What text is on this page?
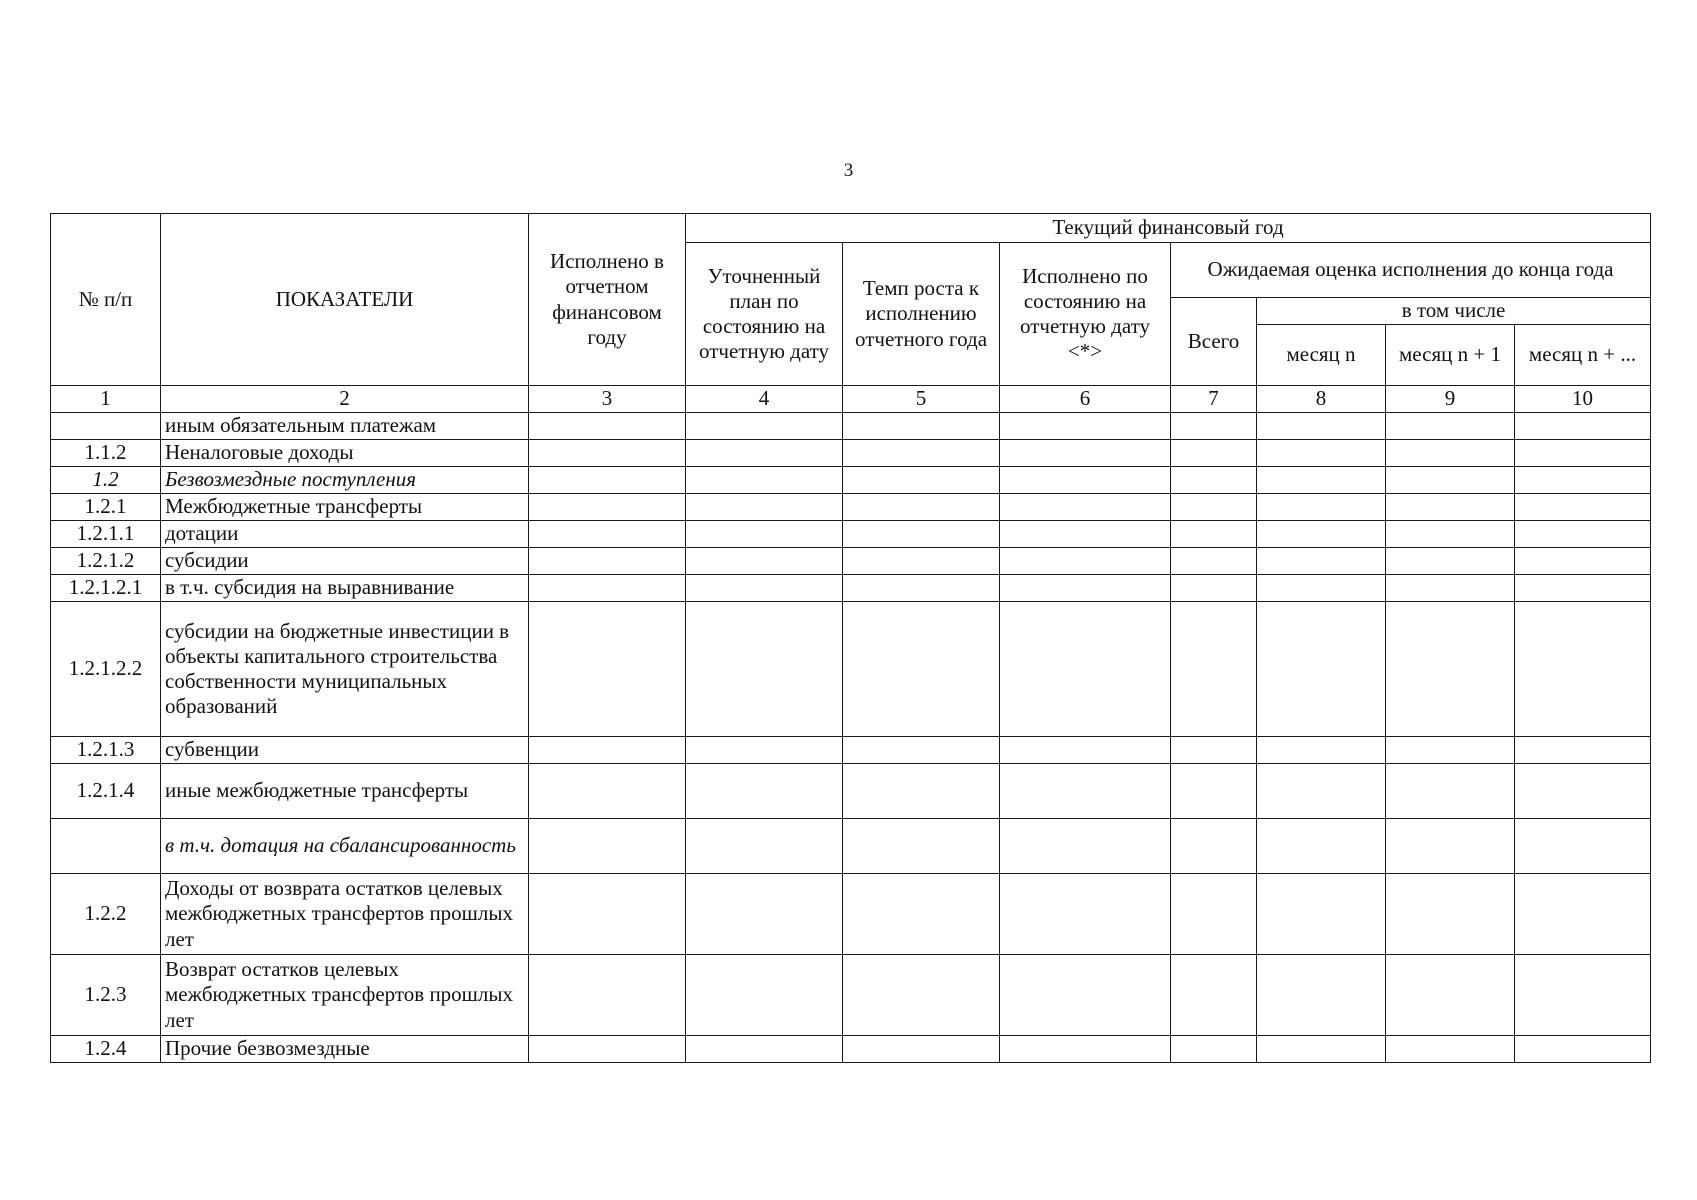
3
№ п/п	ПОКАЗАТЕЛИ	Исполнено в отчетном финансовом году	Текущий финансовый год						
			Уточненный план по состоянию на отчетную дату	Темп роста к исполнению отчетного года	Исполнено по состоянию на отчетную дату <*>	Ожидаемая оценка исполнения до конца года			
						Всего	в том числе		
							месяц n	месяц n + 1	месяц n + ...
1	2	3	4	5	6	7	8	9	10
	иным обязательным платежам								
1.1.2	Неналоговые доходы								
1.2	Безвозмездные поступления								
1.2.1	Межбюджетные трансферты								
1.2.1.1	дотации								
1.2.1.2	субсидии								
1.2.1.2.1	в т.ч. субсидия на выравнивание								
1.2.1.2.2	субсидии на бюджетные инвестиции в объекты капитального строительства собственности муниципальных образований								
1.2.1.3	субвенции								
1.2.1.4	иные межбюджетные трансферты								
	в т.ч. дотация на сбалансированность								
1.2.2	Доходы от возврата остатков целевых межбюджетных трансфертов прошлых лет								
1.2.3	Возврат остатков целевых межбюджетных трансфертов прошлых лет								
1.2.4	Прочие безвозмездные								
